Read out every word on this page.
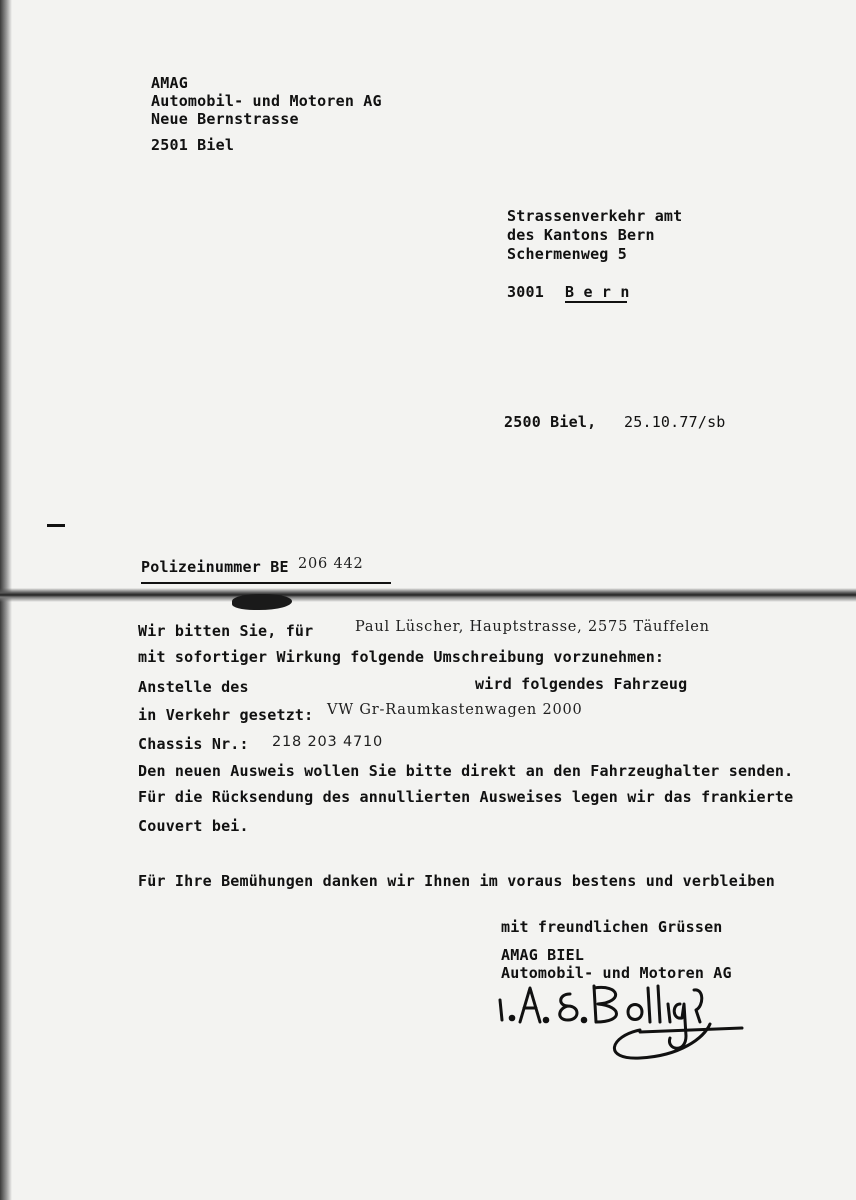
AMAG
Automobil- und Motoren AG
Neue Bernstrasse
2501 Biel
Strassenverkehr amt
des Kantons Bern
Schermenweg 5
3001 B e r n
2500 Biel, 25.10.77/sb
Polizeinummer BE 206 442
Wir bitten Sie, für	Paul Lüscher, Hauptstrasse, 2575 Täuffelen
mit sofortiger Wirkung folgende Umschreibung vorzunehmen:
Anstelle des	wird folgendes Fahrzeug
in Verkehr gesetzt: VW Gr-Raumkastenwagen 2000
Chassis Nr.: 218 203 4710
Den neuen Ausweis wollen Sie bitte direkt an den Fahrzeughalter senden.
Für die Rücksendung des annullierten Ausweises legen wir das frankierte
Couvert bei.
Für Ihre Bemühungen danken wir Ihnen im voraus bestens und verbleiben
mit freundlichen Grüssen
AMAG BIEL
Automobil- und Motoren AG
